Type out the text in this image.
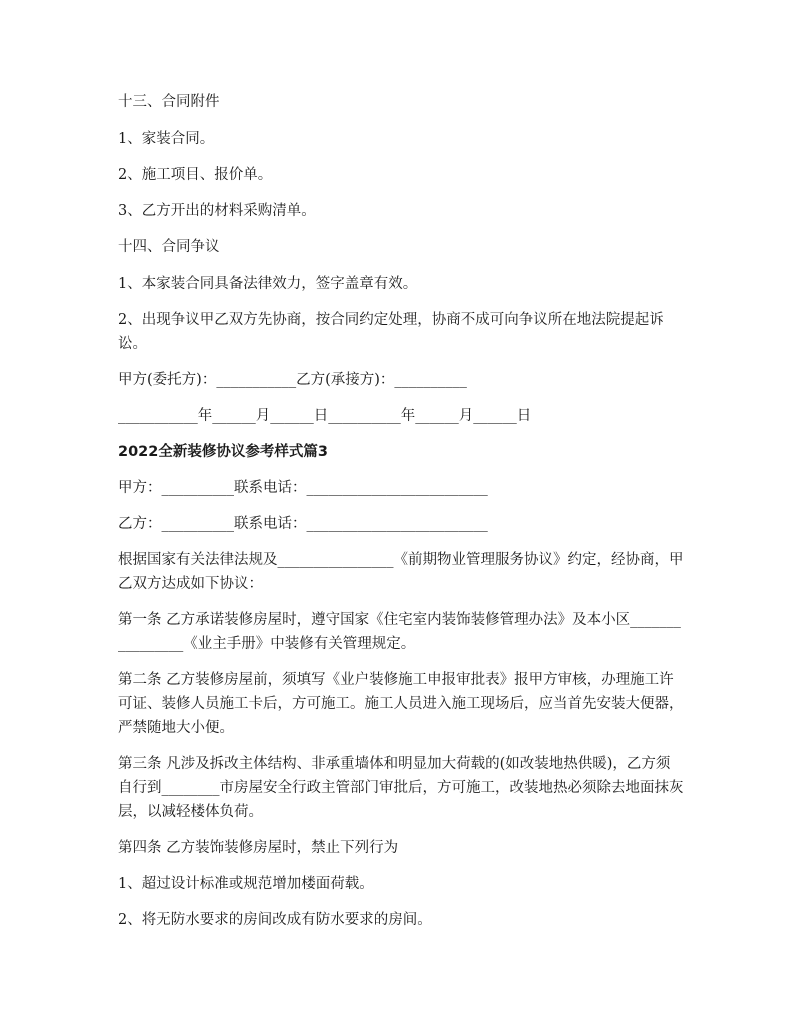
十三、合同附件

1、家装合同。

2、施工项目、报价单。

3、乙方开出的材料采购清单。

十四、合同争议

1、本家装合同具备法律效力，签字盖章有效。

2、出现争议甲乙双方先协商，按合同约定处理，协商不成可向争议所在地法院提起诉讼。

甲方(委托方)：___________乙方(承接方)：__________

___________年______月______日__________年______月______日

2022全新装修协议参考样式篇3

甲方：__________联系电话：_________________________

乙方：__________联系电话：_________________________

根据国家有关法律法规及________________《前期物业管理服务协议》约定，经协商，甲乙双方达成如下协议：

第一条 乙方承诺装修房屋时，遵守国家《住宅室内装饰装修管理办法》及本小区________________《业主手册》中装修有关管理规定。

第二条 乙方装修房屋前，须填写《业户装修施工申报审批表》报甲方审核，办理施工许可证、装修人员施工卡后，方可施工。施工人员进入施工现场后，应当首先安装大便器，严禁随地大小便。

第三条 凡涉及拆改主体结构、非承重墙体和明显加大荷载的(如改装地热供暖)，乙方须自行到________市房屋安全行政主管部门审批后，方可施工，改装地热必须除去地面抹灰层，以减轻楼体负荷。

第四条 乙方装饰装修房屋时，禁止下列行为

1、超过设计标准或规范增加楼面荷载。

2、将无防水要求的房间改成有防水要求的房间。
